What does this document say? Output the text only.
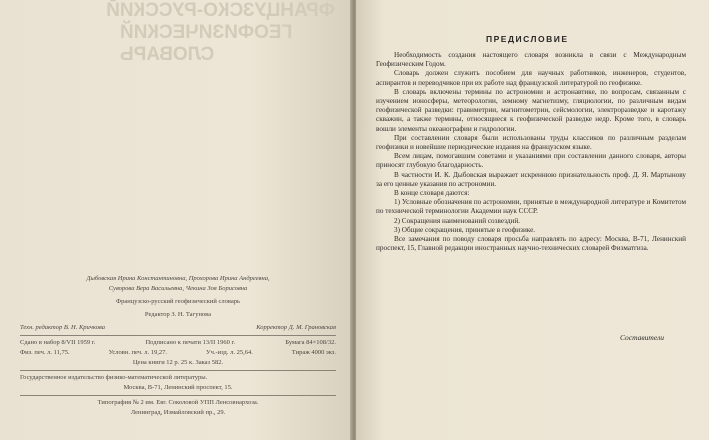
ФРАНЦУЗСКО-РУССКИЙ
ГЕОФИЗИЧЕСКИЙ
СЛОВАРЬ
Дыбовская Ирина Константиновна, Прохорова Ирина Андреевна,
Суворова Вера Васильевна, Чекина Зоя Борисовна
Французско-русский геофизический словарь
Редактор З. Н. Тагунова
Техн. редактор В. Н. Кричкова	Корректор Д. М. Грановская
Сдано в набор 8/VII 1959 г.	Подписано к печати 13/II 1960 г.	Бумага 84×108/32.
Физ. печ. л. 11,75.	Условн. печ. л. 19,27.	Уч.-изд. л. 25,64.	Тираж 4000 экз.
Цена книги 12 р. 25 к. Заказ 582.
Государственное издательство физико-математической литературы.
Москва, В-71, Ленинский проспект, 15.
Типография № 2 им. Евг. Соколовой УПП Ленсовнархоза.
Ленинград, Измайловский пр., 29.
ПРЕДИСЛОВИЕ

Необходимость создания настоящего словаря возникла в связи с Международным Геофизическим Годом.

Словарь должен служить пособием для научных работников, инженеров, студентов, аспирантов и переводчиков при их работе над французской литературой по геофизике.

В словарь включены термины по астрономии и астронавтике, по вопросам, связанным с изучением ионосферы, метеорологии, земному магнетизму, гляциологии, по различным видам геофизической разведки: гравиметрии, магнитометрии, сейсмологии, электроразведке и каротажу скважин, а также термины, относящиеся к геофизической разведке недр. Кроме того, в словарь вошли элементы океанографии и гидрологии.

При составлении словаря были использованы труды классиков по различным разделам геофизики и новейшие периодические издания на французском языке.

Всем лицам, помогавшим советами и указаниями при составлении данного словаря, авторы приносят глубокую благодарность.

В частности И. К. Дыбовская выражает искреннюю признательность проф. Д. Я. Мартынову за его ценные указания по астрономии.

В конце словаря даются:

1) Условные обозначения по астрономии, принятые в международной литературе и Комитетом по технической терминологии Академии наук СССР.

2) Сокращения наименований созвездий.

3) Общие сокращения, принятые в геофизике.

Все замечания по поводу словаря просьба направлять по адресу: Москва, В-71, Ленинский проспект, 15, Главной редакции иностранных научно-технических словарей Физматгиза.

Составители
